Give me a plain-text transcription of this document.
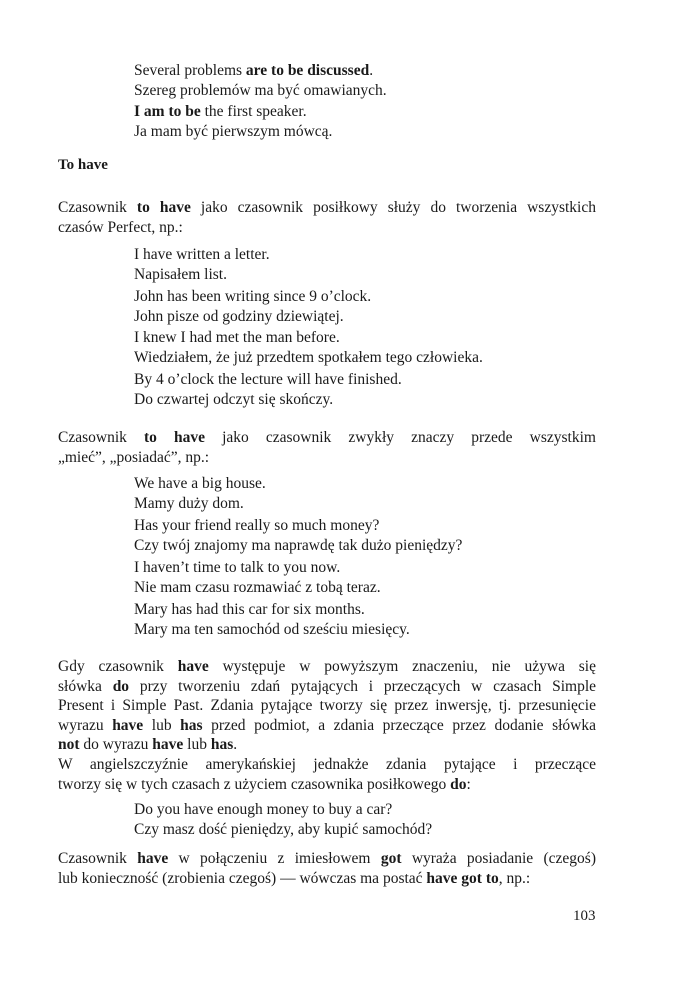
Several problems are to be discussed.
Szereg problemów ma być omawianych.
I am to be the first speaker.
Ja mam być pierwszym mówcą.
To have
Czasownik to have jako czasownik posiłkowy służy do tworzenia wszystkich
czasów Perfect, np.:
I have written a letter.
Napisałem list.
John has been writing since 9 o’clock.
John pisze od godziny dziewiątej.
I knew I had met the man before.
Wiedziałem, że już przedtem spotkałem tego człowieka.
By 4 o’clock the lecture will have finished.
Do czwartej odczyt się skończy.
Czasownik to have jako czasownik zwykły znaczy przede wszystkim
„mieć”, „posiadać”, np.:
We have a big house.
Mamy duży dom.
Has your friend really so much money?
Czy twój znajomy ma naprawdę tak dużo pieniędzy?
I haven’t time to talk to you now.
Nie mam czasu rozmawiać z tobą teraz.
Mary has had this car for six months.
Mary ma ten samochód od sześciu miesięcy.
Gdy czasownik have występuje w powyższym znaczeniu, nie używa się
słówka do przy tworzeniu zdań pytających i przeczących w czasach Simple
Present i Simple Past. Zdania pytające tworzy się przez inwersję, tj. przesunięcie
wyrazu have lub has przed podmiot, a zdania przeczące przez dodanie słówka
not do wyrazu have lub has.
W angielszczyźnie amerykańskiej jednakże zdania pytające i przeczące
tworzy się w tych czasach z użyciem czasownika posiłkowego do:
Do you have enough money to buy a car?
Czy masz dość pieniędzy, aby kupić samochód?
Czasownik have w połączeniu z imiesłowem got wyraża posiadanie (czegoś)
lub konieczność (zrobienia czegoś) — wówczas ma postać have got to, np.:
103
